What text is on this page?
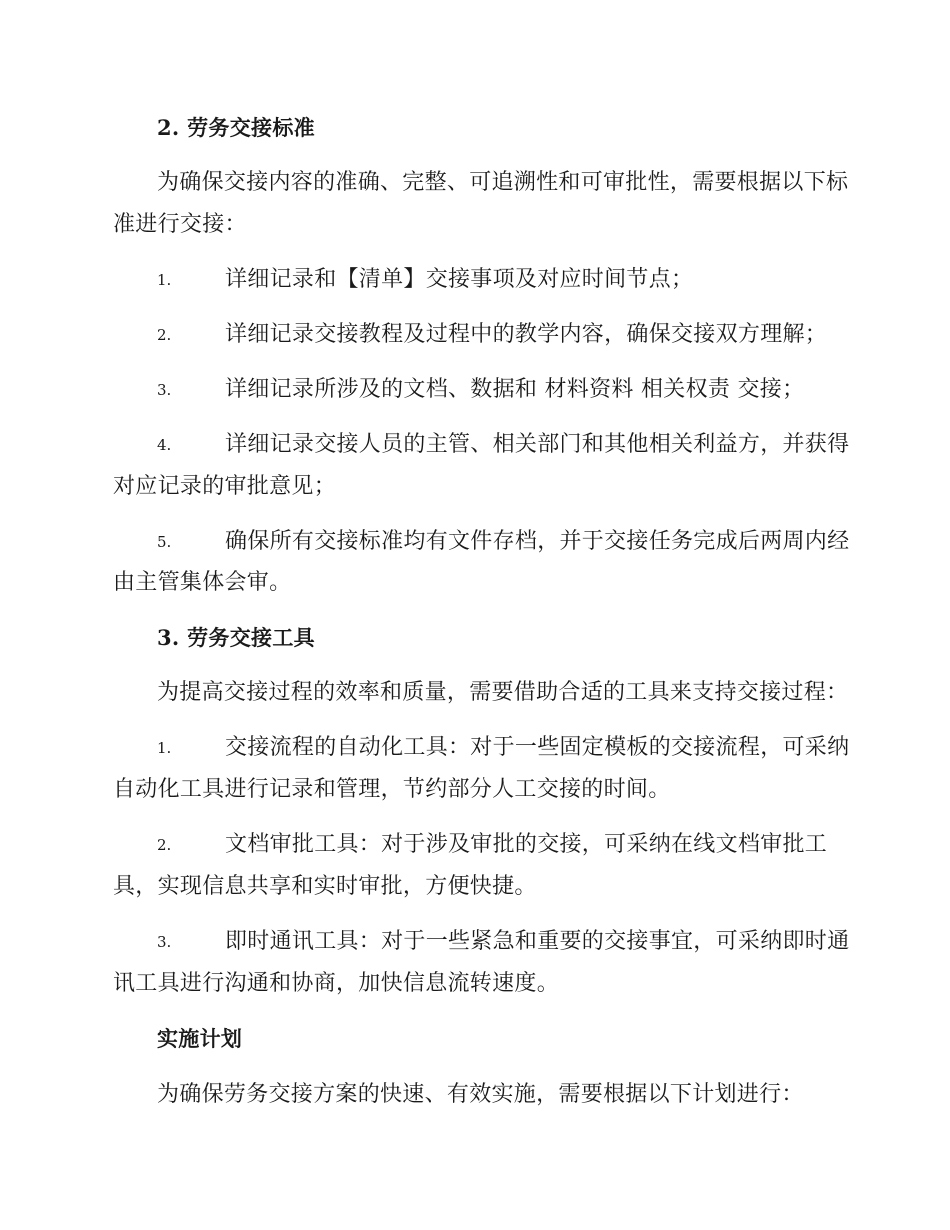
2. 劳务交接标准
为确保交接内容的准确、完整、可追溯性和可审批性，需要根据以下标
准进行交接：
1. 详细记录和【清单】交接事项及对应时间节点；
2. 详细记录交接教程及过程中的教学内容，确保交接双方理解；
3. 详细记录所涉及的文档、数据和 材料资料 相关权责 交接；
4. 详细记录交接人员的主管、相关部门和其他相关利益方，并获得
对应记录的审批意见；
5. 确保所有交接标准均有文件存档，并于交接任务完成后两周内经
由主管集体会审。
3. 劳务交接工具
为提高交接过程的效率和质量，需要借助合适的工具来支持交接过程：
1. 交接流程的自动化工具：对于一些固定模板的交接流程，可采纳
自动化工具进行记录和管理，节约部分人工交接的时间。
2. 文档审批工具：对于涉及审批的交接，可采纳在线文档审批工
具，实现信息共享和实时审批，方便快捷。
3. 即时通讯工具：对于一些紧急和重要的交接事宜，可采纳即时通
讯工具进行沟通和协商，加快信息流转速度。
实施计划
为确保劳务交接方案的快速、有效实施，需要根据以下计划进行：
